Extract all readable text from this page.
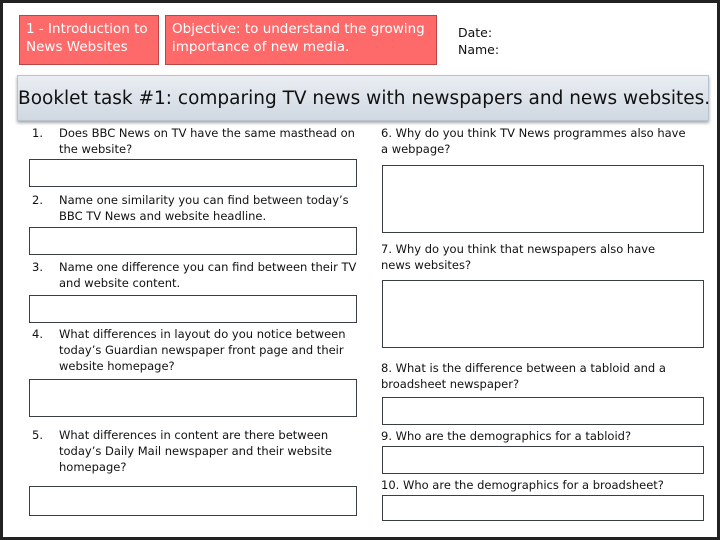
1 - Introduction to News Websites
Objective: to understand the growing importance of new media.
Date:
Name:
Booklet task #1: comparing TV news with newspapers and news websites.
1. Does BBC News on TV have the same masthead on the website?
2. Name one similarity you can find between today’s BBC TV News and website headline.
3. Name one difference you can find between their TV and website content.
4. What differences in layout do you notice between today’s Guardian newspaper front page and their website homepage?
5. What differences in content are there between today’s Daily Mail newspaper and their website homepage?
6. Why do you think TV News programmes also have a webpage?
7. Why do you think that newspapers also have news websites?
8. What is the difference between a tabloid and a broadsheet newspaper?
9. Who are the demographics for a tabloid?
10. Who are the demographics for a broadsheet?
